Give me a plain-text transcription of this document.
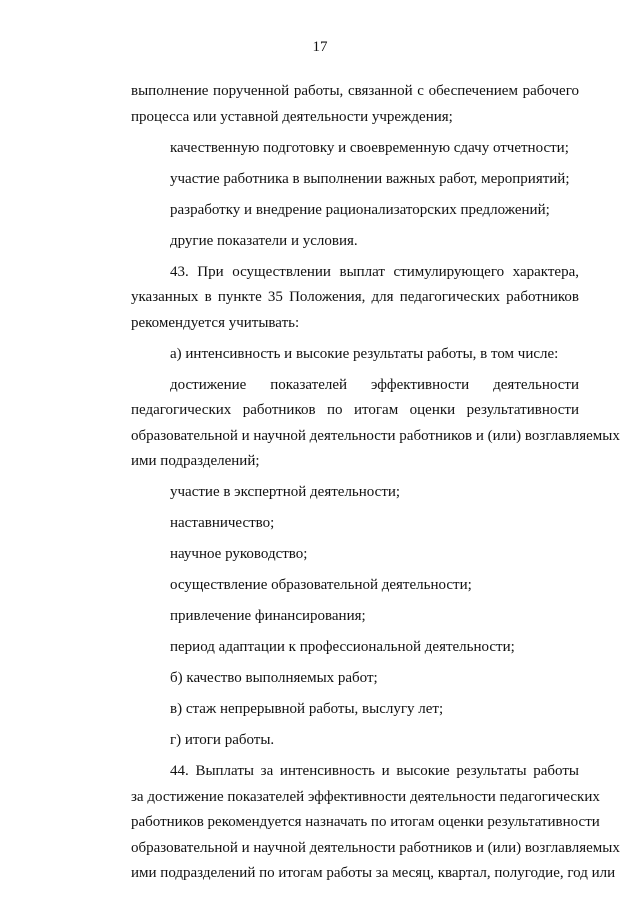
17
выполнение порученной работы, связанной с обеспечением рабочего
процесса или уставной деятельности учреждения;
качественную подготовку и своевременную сдачу отчетности;
участие работника в выполнении важных работ, мероприятий;
разработку и внедрение рационализаторских предложений;
другие показатели и условия.
43. При осуществлении выплат стимулирующего характера,
указанных в пункте 35 Положения, для педагогических работников
рекомендуется учитывать:
а) интенсивность и высокие результаты работы, в том числе:
достижение показателей эффективности деятельности
педагогических работников по итогам оценки результативности
образовательной и научной деятельности работников и (или) возглавляемых
ими подразделений;
участие в экспертной деятельности;
наставничество;
научное руководство;
осуществление образовательной деятельности;
привлечение финансирования;
период адаптации к профессиональной деятельности;
б) качество выполняемых работ;
в) стаж непрерывной работы, выслугу лет;
г) итоги работы.
44. Выплаты за интенсивность и высокие результаты работы
за достижение показателей эффективности деятельности педагогических
работников рекомендуется назначать по итогам оценки результативности
образовательной и научной деятельности работников и (или) возглавляемых
ими подразделений по итогам работы за месяц, квартал, полугодие, год или
